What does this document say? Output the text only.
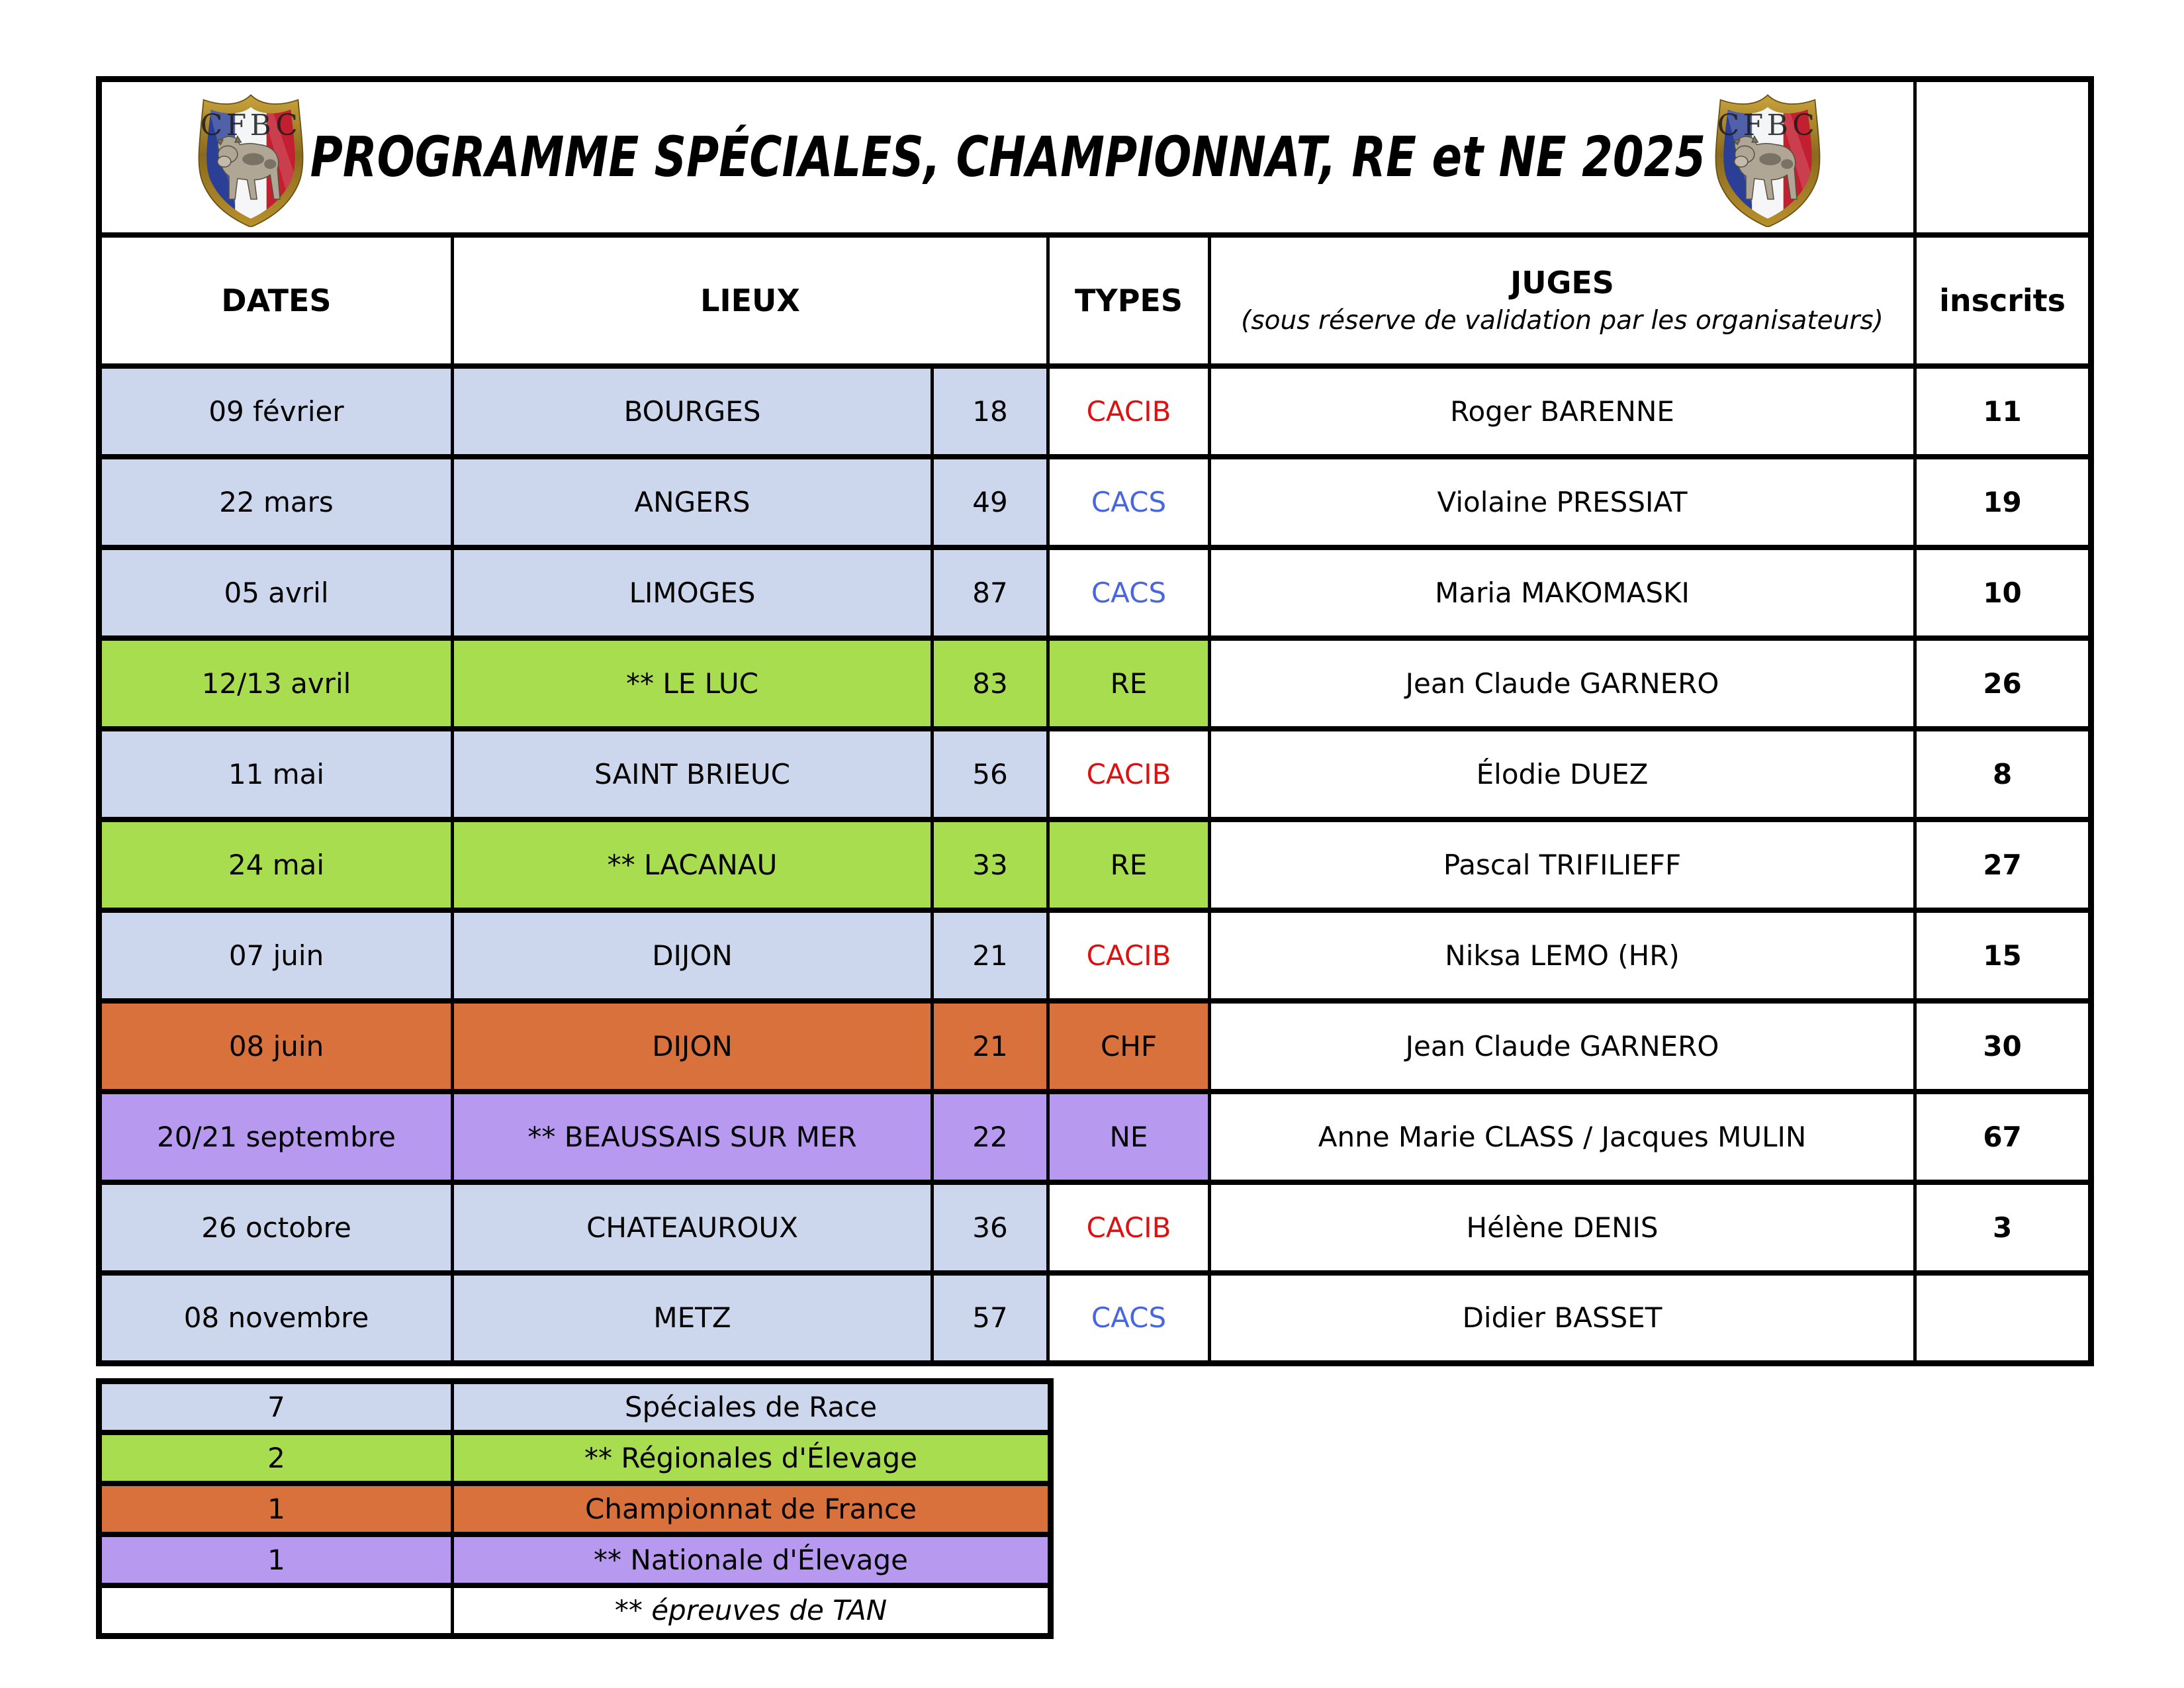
PROGRAMME SPÉCIALES, CHAMPIONNAT, RE et NE 2025					

DATES	LIEUX		TYPES	JUGES
(sous réserve de validation par les organisateurs)	inscrits
09 février	BOURGES	18	CACIB	Roger BARENNE	11
22 mars	ANGERS	49	CACS	Violaine PRESSIAT	19
05 avril	LIMOGES	87	CACS	Maria MAKOMASKI	10
12/13 avril	** LE LUC	83	RE	Jean Claude GARNERO	26
11 mai	SAINT BRIEUC	56	CACIB	Élodie DUEZ	8
24 mai	** LACANAU	33	RE	Pascal TRIFILIEFF	27
07 juin	DIJON	21	CACIB	Niksa LEMO (HR)	15
08 juin	DIJON	21	CHF	Jean Claude GARNERO	30
20/21 septembre	** BEAUSSAIS SUR MER	22	NE	Anne Marie CLASS / Jacques MULIN	67
26 octobre	CHATEAUROUX	36	CACIB	Hélène DENIS	3
08 novembre	METZ	57	CACS	Didier BASSET	
7	Spéciales de Race
2	** Régionales d'Élevage
1	Championnat de France
1	** Nationale d'Élevage
	** épreuves de TAN
